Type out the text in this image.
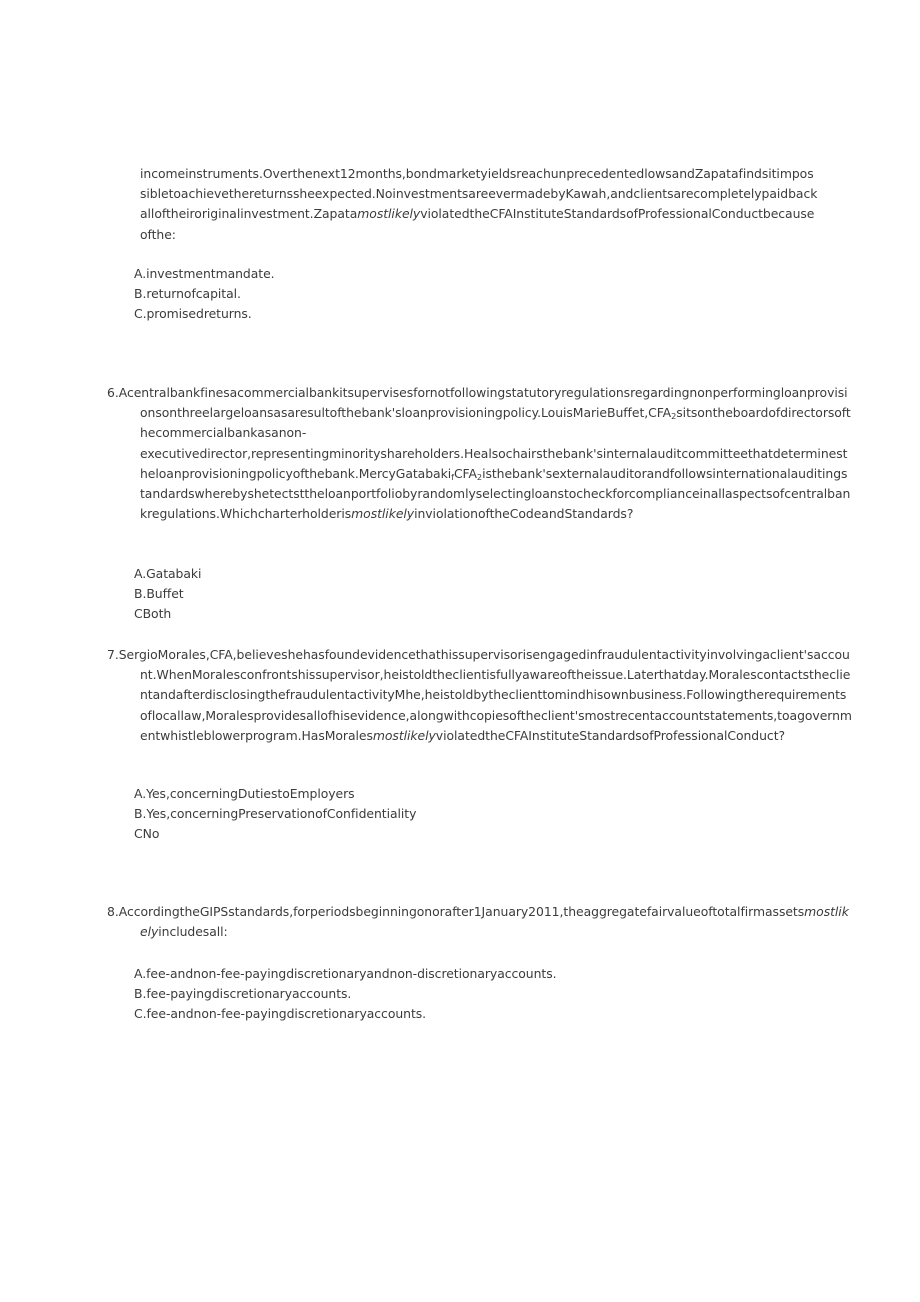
incomeinstruments.Overthenext12months,bondmarketyieldsreachunprecedentedlowsandZapatafindsitimpossibletoachievethereturnssheexpected.NoinvestmentsareevermadebyKawah,andclientsarecompletelypaidbackalloftheiroriginalinvestment.ZapatamostlikelyviolatedtheCFAInstituteStandardsofProfessionalConductbecauseofthe:
A.investmentmandate.
B.returnofcapital.
C.promisedreturns.
6.Acentralbankfinesacommercialbankitsupervisesfornotfollowingstatutoryregulationsregardingnonperformingloanprovisionsont$hreelargeloansasaresultofthebank'sloanprovisioningpolicy.LouisMarieBuffet,CFA_2sitsontheboardofdirectorsofthecommercialba$nkasanon-executivedirector,representingminorityshareholders.Healsochairsthebank'sinternalauditcommitteethatdeterminesthe$loanprovisioningpolicyofthebank.MercyGatabaki_fCFA_2isthebank'sexternalauditorandfollowsinternationalauditingstandardswher$ebyshetectsttheloanportfoliobyrandomlyselectingloanstocheckforcomplianceinallaspectsofcentralbankregulations.WhichcharterholderismostlikelyinviolationoftheCodeandStandards?
A.Gatabaki
B.Buffet
CBoth
7.SergioMorales,CFA,believeshehasfoundevidencethathissupervisorisengagedinfraudulentactivityinvolvingaclient'saccount.WhenMoralesconfrontshissupervisor,heistoldtheclientisfullyawareoftheissue.Laterthatday.MoralescontactstheclientandafterdisclosingthefraudulentactivityMhe,heistoldbytheclienttomindhisownbusiness.Followingtherequirementsoflocallaw,Moralesprovidesallofhisevidence,alongwithcopiesoftheclient'smostrecentaccountstatements,toagovernmentwhistleblowerprogram.HasMoralesmostlikelyviolatedtheCFAInstituteStandardsofProfessionalConduct?
A.Yes,concerningDutiestoEmployers
B.Yes,concerningPreservationofConfidentiality
CNo
8.AccordingtheGIPSstandards,forperiodsbeginningonorafter1January2011,theaggregatefairvalueoftotalfirmassetsmostlikelyincludesall:
A.fee-andnon-fee-payingdiscretionaryandnon-discretionaryaccounts.
B.fee-payingdiscretionaryaccounts.
C.fee-andnon-fee-payingdiscretionaryaccounts.
